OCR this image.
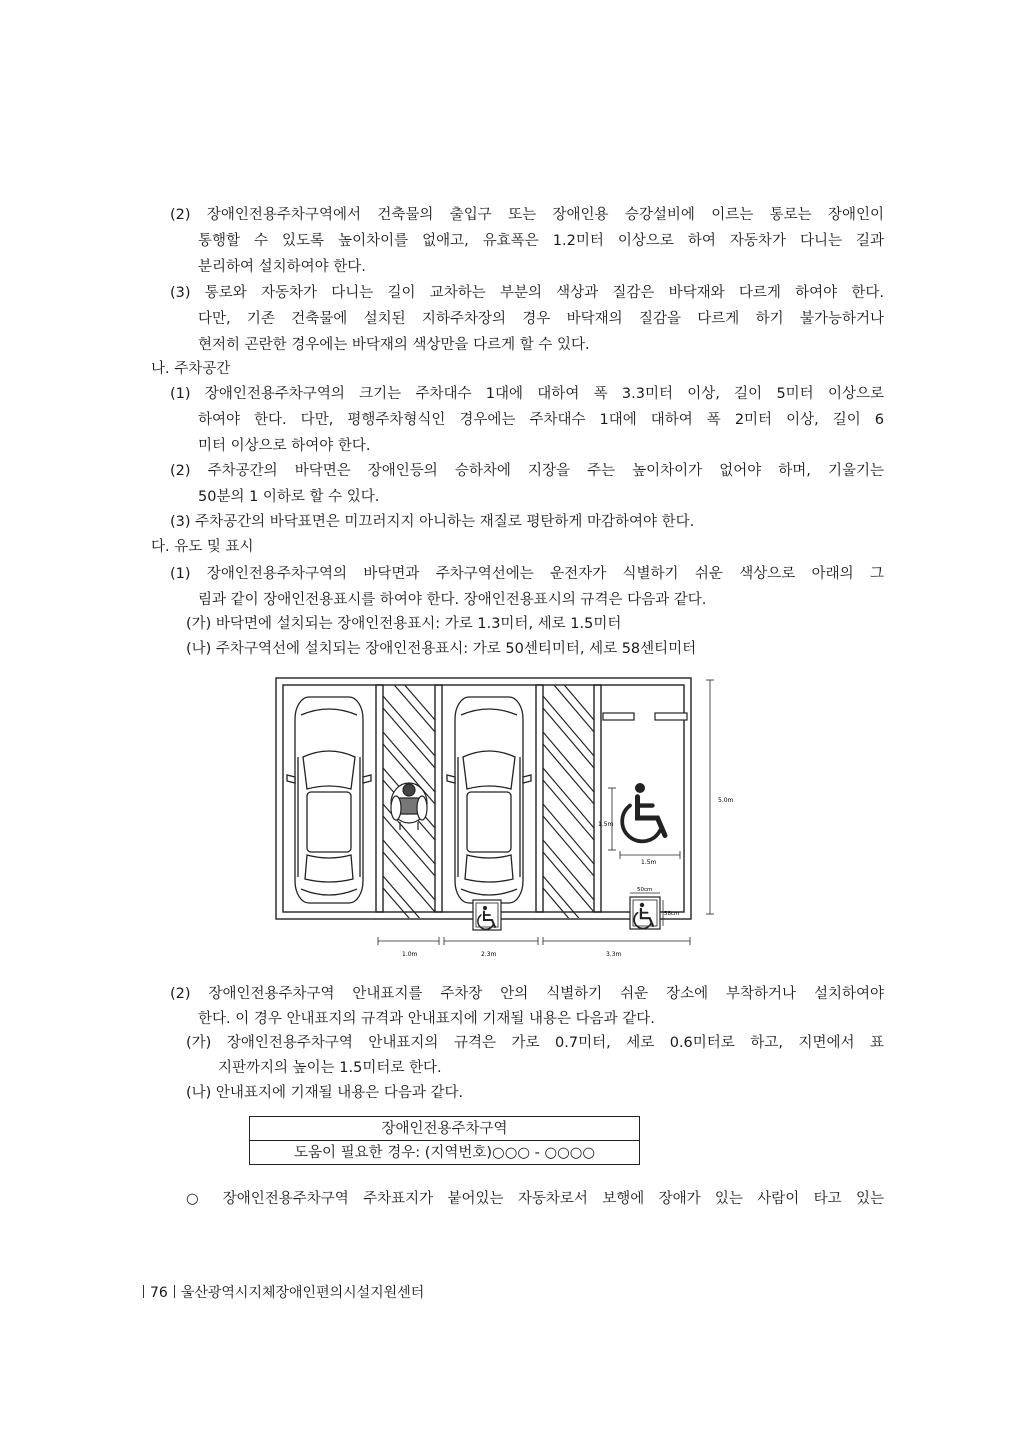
(2) 장애인전용주차구역에서 건축물의 출입구 또는 장애인용 승강설비에 이르는 통로는 장애인이
통행할 수 있도록 높이차이를 없애고, 유효폭은 1.2미터 이상으로 하여 자동차가 다니는 길과
분리하여 설치하여야 한다.
(3) 통로와 자동차가 다니는 길이 교차하는 부분의 색상과 질감은 바닥재와 다르게 하여야 한다.
다만, 기존 건축물에 설치된 지하주차장의 경우 바닥재의 질감을 다르게 하기 불가능하거나
현저히 곤란한 경우에는 바닥재의 색상만을 다르게 할 수 있다.
나. 주차공간
(1) 장애인전용주차구역의 크기는 주차대수 1대에 대하여 폭 3.3미터 이상, 길이 5미터 이상으로
하여야 한다. 다만, 평행주차형식인 경우에는 주차대수 1대에 대하여 폭 2미터 이상, 길이 6
미터 이상으로 하여야 한다.
(2) 주차공간의 바닥면은 장애인등의 승하차에 지장을 주는 높이차이가 없어야 하며, 기울기는
50분의 1 이하로 할 수 있다.
(3) 주차공간의 바닥표면은 미끄러지지 아니하는 재질로 평탄하게 마감하여야 한다.
다. 유도 및 표시
(1) 장애인전용주차구역의 바닥면과 주차구역선에는 운전자가 식별하기 쉬운 색상으로 아래의 그
림과 같이 장애인전용표시를 하여야 한다. 장애인전용표시의 규격은 다음과 같다.
(가) 바닥면에 설치되는 장애인전용표시: 가로 1.3미터, 세로 1.5미터
(나) 주차구역선에 설치되는 장애인전용표시: 가로 50센티미터, 세로 58센티미터
1.5m
1.5m
5.0m
50cm
58cm
1.0m	2.3m	3.3m
(2) 장애인전용주차구역 안내표지를 주차장 안의 식별하기 쉬운 장소에 부착하거나 설치하여야
한다. 이 경우 안내표지의 규격과 안내표지에 기재될 내용은 다음과 같다.
(가) 장애인전용주차구역 안내표지의 규격은 가로 0.7미터, 세로 0.6미터로 하고, 지면에서 표
지판까지의 높이는 1.5미터로 한다.
(나) 안내표지에 기재될 내용은 다음과 같다.
장애인전용주차구역
도움이 필요한 경우: (지역번호)○○○ - ○○○○
○ 장애인전용주차구역 주차표지가 붙어있는 자동차로서 보행에 장애가 있는 사람이 타고 있는
76 울산광역시지체장애인편의시설지원센터
